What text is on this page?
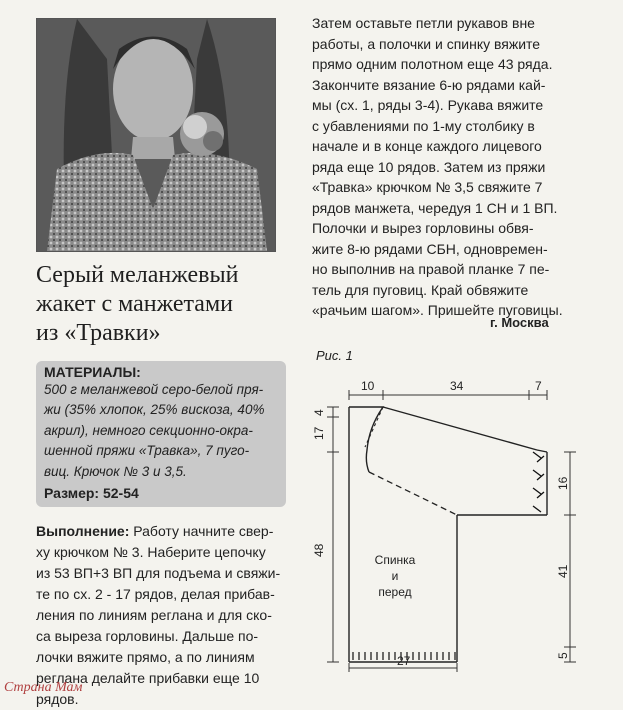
Серый меланжевый
жакет с манжетами
из «Травки»
МАТЕРИАЛЫ:
500 г меланжевой серо-белой пря-
жи (35% хлопок, 25% вискоза, 40%
акрил), немного секционно-окра-
шенной пряжи «Травка», 7 пуго-
виц. Крючок № 3 и 3,5.
Размер: 52-54
Выполнение: Работу начните свер-
ху крючком № 3. Наберите цепочку
из 53 ВП+3 ВП для подъема и свяжи-
те по сх. 2 - 17 рядов, делая прибав-
ления по линиям реглана и для ско-
са выреза горловины. Дальше по-
лочки вяжите прямо, а по линиям
реглана делайте прибавки еще 10
рядов.
Затем оставьте петли рукавов вне
работы, а полочки и спинку вяжите
прямо одним полотном еще 43 ряда.
Закончите вязание 6-ю рядами кай-
мы (сх. 1, ряды 3-4). Рукава вяжите
с убавлениями по 1-му столбику в
начале и в конце каждого лицевого
ряда еще 10 рядов. Затем из пряжи
«Травка» крючком № 3,5 свяжите 7
рядов манжета, чередуя 1 СН и 1 ВП.
Полочки и вырез горловины обвя-
жите 8-ю рядами СБН, одновремен-
но выполнив на правой планке 7 пе-
тель для пуговиц. Край обвяжите
«рачьим шагом». Пришейте пуговицы.
г. Москва
Рис. 1
10	34	7
4
17
48
41
5
16
27
Спинка
и
перед
Страна Мам
